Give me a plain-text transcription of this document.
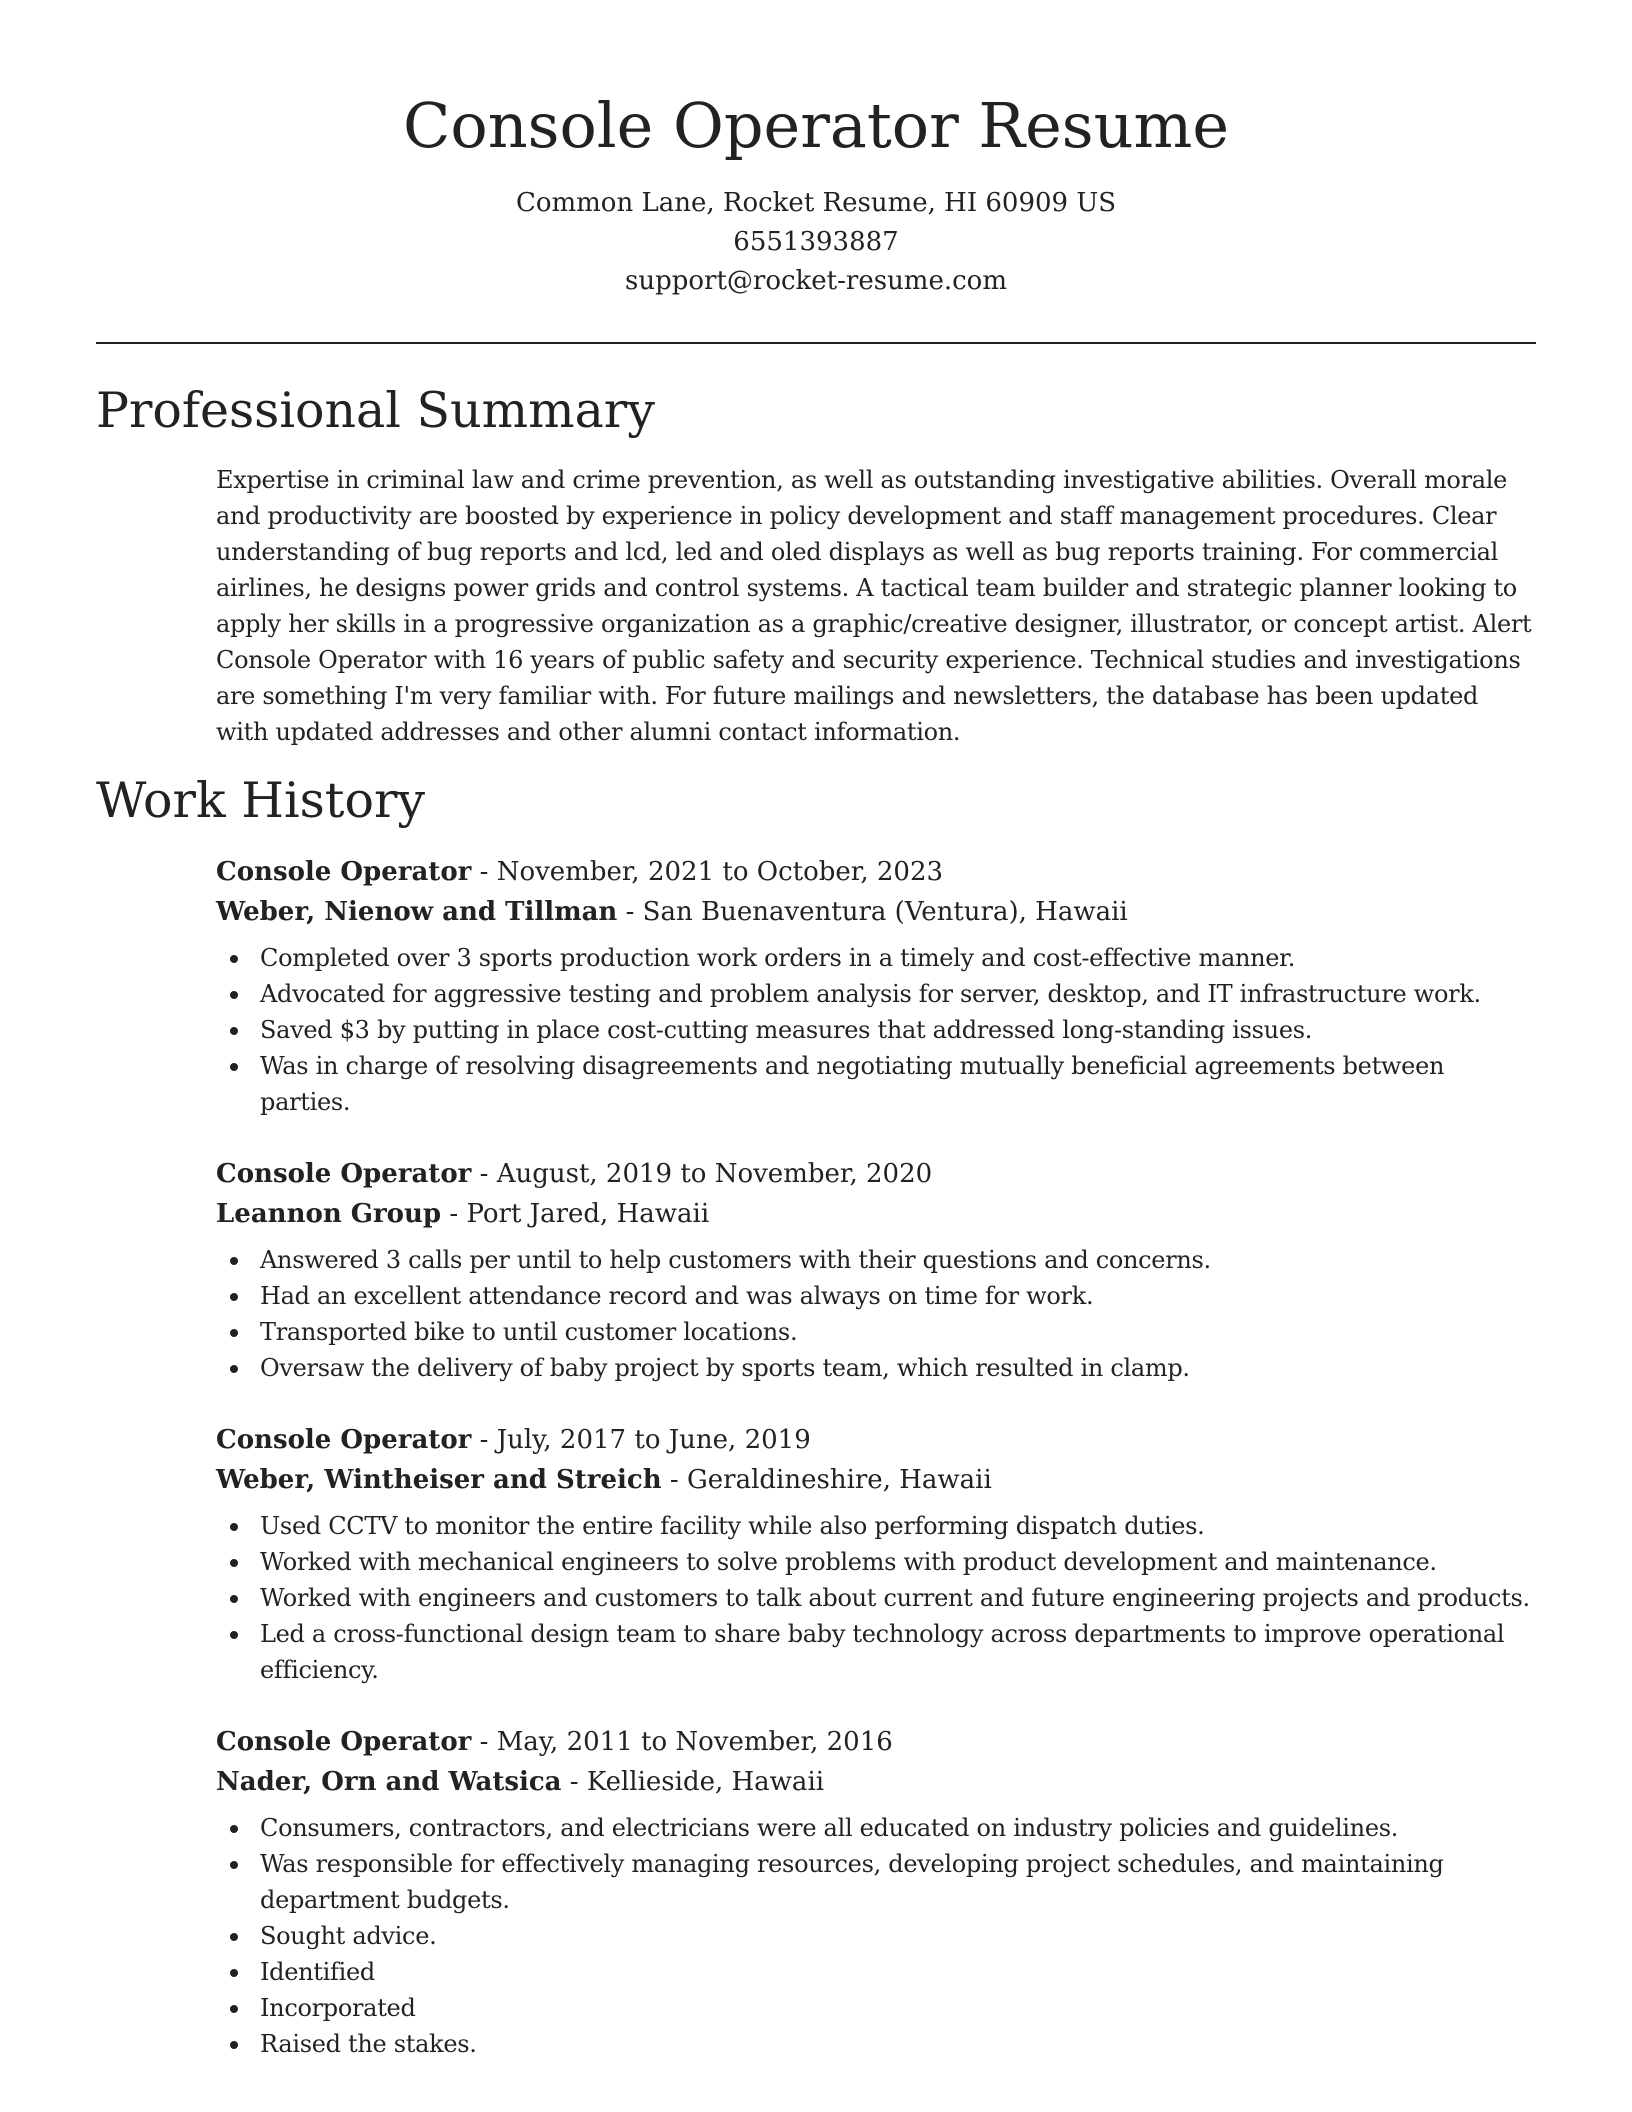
Console Operator Resume
Common Lane, Rocket Resume, HI 60909 US
6551393887
support@rocket-resume.com
Professional Summary

Expertise in criminal law and crime prevention, as well as outstanding investigative abilities. Overall morale and productivity are boosted by experience in policy development and staff management procedures. Clear understanding of bug reports and lcd, led and oled displays as well as bug reports training. For commercial airlines, he designs power grids and control systems. A tactical team builder and strategic planner looking to apply her skills in a progressive organization as a graphic/creative designer, illustrator, or concept artist. Alert Console Operator with 16 years of public safety and security experience. Technical studies and investigations are something I'm very familiar with. For future mailings and newsletters, the database has been updated with updated addresses and other alumni contact information.

Work History
Console Operator - November, 2021 to October, 2023
Weber, Nienow and Tillman - San Buenaventura (Ventura), Hawaii
Completed over 3 sports production work orders in a timely and cost-effective manner.
Advocated for aggressive testing and problem analysis for server, desktop, and IT infrastructure work.
Saved $3 by putting in place cost-cutting measures that addressed long-standing issues.
Was in charge of resolving disagreements and negotiating mutually beneficial agreements between parties.
Console Operator - August, 2019 to November, 2020
Leannon Group - Port Jared, Hawaii
Answered 3 calls per until to help customers with their questions and concerns.
Had an excellent attendance record and was always on time for work.
Transported bike to until customer locations.
Oversaw the delivery of baby project by sports team, which resulted in clamp.
Console Operator - July, 2017 to June, 2019
Weber, Wintheiser and Streich - Geraldineshire, Hawaii
Used CCTV to monitor the entire facility while also performing dispatch duties.
Worked with mechanical engineers to solve problems with product development and maintenance.
Worked with engineers and customers to talk about current and future engineering projects and products.
Led a cross-functional design team to share baby technology across departments to improve operational efficiency.
Console Operator - May, 2011 to November, 2016
Nader, Orn and Watsica - Kellieside, Hawaii
Consumers, contractors, and electricians were all educated on industry policies and guidelines.
Was responsible for effectively managing resources, developing project schedules, and maintaining department budgets.
Sought advice.
Identified
Incorporated
Raised the stakes.
